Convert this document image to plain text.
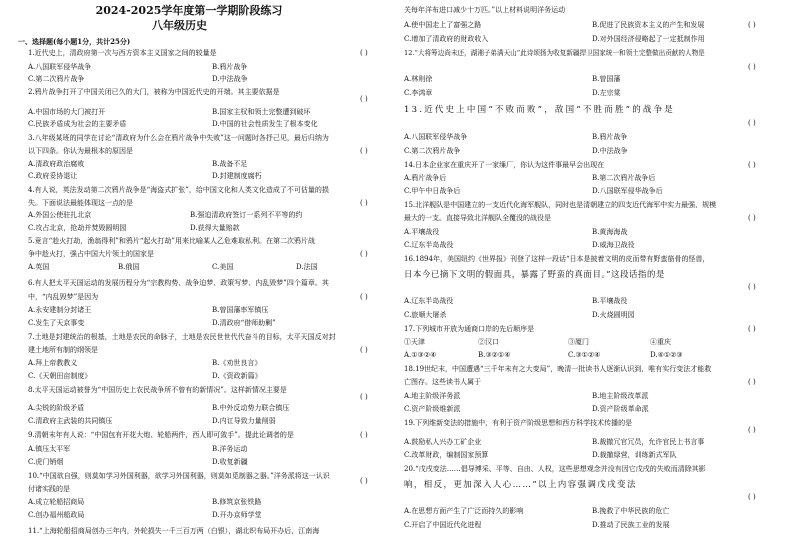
2024-2025学年度第一学期阶段练习
八年级历史
一、选择题(每小题1分，共计25分)
1.近代史上，清政府第一次与西方资本主义国家之间的较量是	( )
A.八国联军侵华战争	B.鸦片战争
C.第二次鸦片战争	D.中法战争
2.鸦片战争打开了中国关闭已久的大门，被称为中国近代史的开端。其主要依据是
( )
A.中国市场的大门被打开	B.国家主权和领土完整遭到破坏
C.民族矛盾成为社会的主要矛盾	D.中国的社会性质发生了根本变化
3.八年级某班的同学在讨论“清政府为什么会在鸦片战争中失败”这一问题时各抒己见，最后归纳为
以下四条。你认为最根本的原因是	( )
A.清政府政治腐败	B.战备不足
C.政府妥协退让	D.封建制度腐朽
4.有人说，英法发动第二次鸦片战争是“海盗式扩张”，给中国文化和人类文化造成了不可估量的损
失。下面说法最能体现这一点的是	( )
A.外国公使驻扎北京	B.强迫清政府签订一系列不平等的约
C.攻占北京，抢劫并焚毁圆明园	D.获得大量赔款
5.竟言“趁火打劫，渔翁得利”和鸦片“起火打劫”用来比喻某人乙危难取私利。在第二次鸦片战
争中趁火打，强占中国大片领土的国家是	( )
A.英国	B.俄国	C.美国	D.法国
6.有人把太平天国运动的发展历程分为“宗教构势、战争迫梦、政策写梦、内乱毁梦”四个篇章。其
中，“内乱毁梦”是因为	( )
A.永安建制分封诸王	B.曾国藩率军镇压
C.发生了天京事变	D.清政府“借师助剿”
7.土地是封建统治的根基，土地是农民的命脉子，土地是农民世世代代奋斗的目标，太平天国反对封
建土地所有制的纲领是	( )
A.拜上帝教教义	B.《劝世良言》
C.《天朝田亩制度》	D.《资政新篇》
8.太平天国运动被誉为“中国历史上农民战争所不曾有的新情况”。这样新情况主要是
( )
A.尖锐的阶级矛盾	B.中外反动势力联合镇压
C.清政府主武装的共同镇压	D.内讧导致力量削弱
9.清朝末年有人说：“中国包有开花大炮、轮船两件，西人即可敛手”。提此论调者的是	( )
A.镇压太平军	B.洋务运动
C.虎门销烟	D.收复新疆
10.“中国欲自强，则莫如学习外国利器，欲学习外国利器，则莫如觅制器之器。”洋务派将这一认识
付诸实践的是
( )
A.成立轮船招商局	B.修筑京张铁路
C.创办福州船政局	D.开办京师学堂
11.“上海轮船招商局创办三年内，外轮损失一千三百万两（白银），湖北织布局开办后，江南海
关每年洋布进口减少十万匹。”以上材料说明洋务运动
( )
A.使中国走上了富强之路	B.促进了民族资本主义的产生和发展
C.增加了清政府的财政收入	D.对外国经济侵略起了一定抵制作用
12.“大将筹边尚未还，湖湘子弟满天山”此诗颂扬为收复新疆捍卫国家统一和领土完整做出贡献的人物是
( )
A.林则徐	B.曾国藩
C.李鸿章	D.左宗棠
13.近代史上中国“不败而败”，敌国“不胜而胜”的战争是
( )
A.八国联军侵华战争	B.鸦片战争
C.第二次鸦片战争	D.中法战争
14.日本企业家在重庆开了一家缫厂，你认为这件事最早会出现在	( )
A.鸦片战争后	B.第二次鸦片战争后
C.甲午中日战争后	D.八国联军侵华战争后
15.北洋舰队是中国建立的一支近代化海军舰队，同时也是清朝建立的四支近代海军中实力最强、规模
最大的一支。直接导致北洋舰队全覆没的战役是	( )
A.平壤战役	B.黄海海战
C.辽东半岛战役	D.威海卫战役
16.1894年，美国纽约《世界报》刊登了这样一段话“日本是披着文明的皮而带有野蛮筋骨的怪兽，
日本今已摘下文明的假面具，暴露了野蛮的真面目。”这段话指的是
( )
A.辽东半岛战役	B.平壤战役
C.旅顺大屠杀	D.火烧圆明园
17.下列城市开放为通商口岸的先后顺序是	( )
①天津	②汉口	③厦门	④重庆
A.①③②④	B.③②①④	C.③①②④	D.④①②③
18.19世纪末，中国遭遇“三千年未有之大变局”，晚清一批读书人逐渐认识到，唯有实行变法才能救
亡图存。这些读书人属于	( )
A.地主阶级洋务派	B.地主阶级改革派
C.资产阶级维新派	D.资产阶级革命派
19.下列维新变法的措施中，有利于资产阶级思想和西方科学技术传播的是
( )
A.鼓励私人兴办工矿企业	B.裁撤冗官冗员，允许官民上书言事
C.改革财政，编制国家预算	D.裁撤绿营，训练新式军队
20.“戊戌变法……倡导博采、平等、自由、人权，这些思想观念并没有因它戊戌的失败而清除其影
响，相反，更加深入人心……”以上内容强调戊戌变法
( )
A.在思想方面产生了广泛而持久的影响	B.挽救了中华民族的危亡
C.开启了中国近代化进程	D.推动了民族工业的发展
